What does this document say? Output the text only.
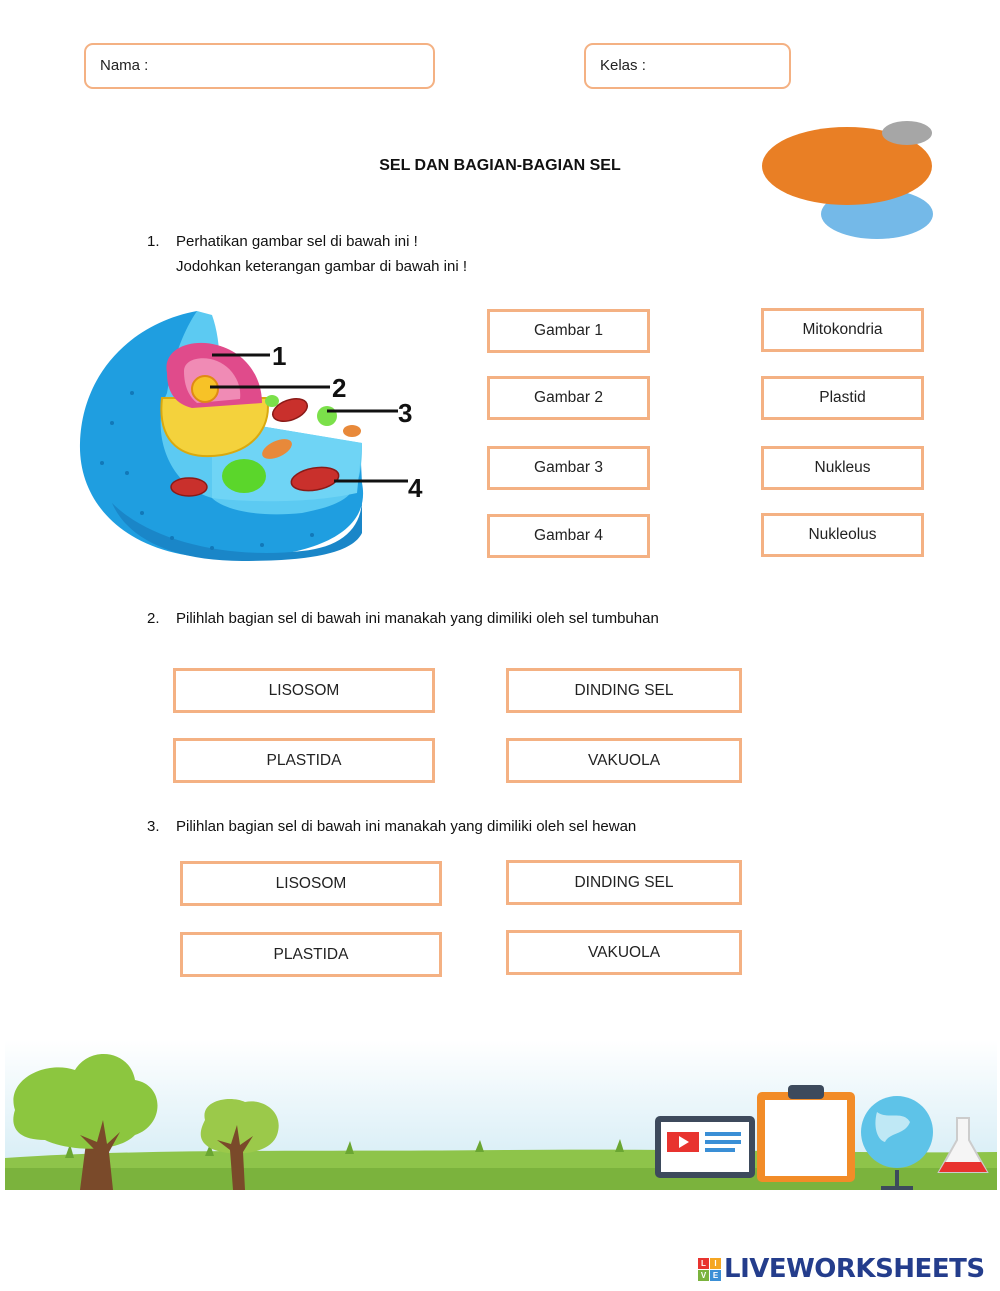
Nama :	Kelas :
SEL DAN BAGIAN-BAGIAN SEL
1. Perhatikan gambar sel di bawah ini !
Jodohkan keterangan gambar di bawah ini !
1
2
3
4
Gambar 1
Gambar 2
Gambar 3
Gambar 4
Mitokondria
Plastid
Nukleus
Nukleolus
2. Pilihlah bagian sel di bawah ini manakah yang dimiliki oleh sel tumbuhan
LISOSOM	DINDING SEL
PLASTIDA	VAKUOLA
3. Pilihlan bagian sel di bawah ini manakah yang dimiliki oleh sel hewan
LISOSOM	DINDING SEL
PLASTIDA	VAKUOLA
L	I
V E LIVEWORKSHEETS
